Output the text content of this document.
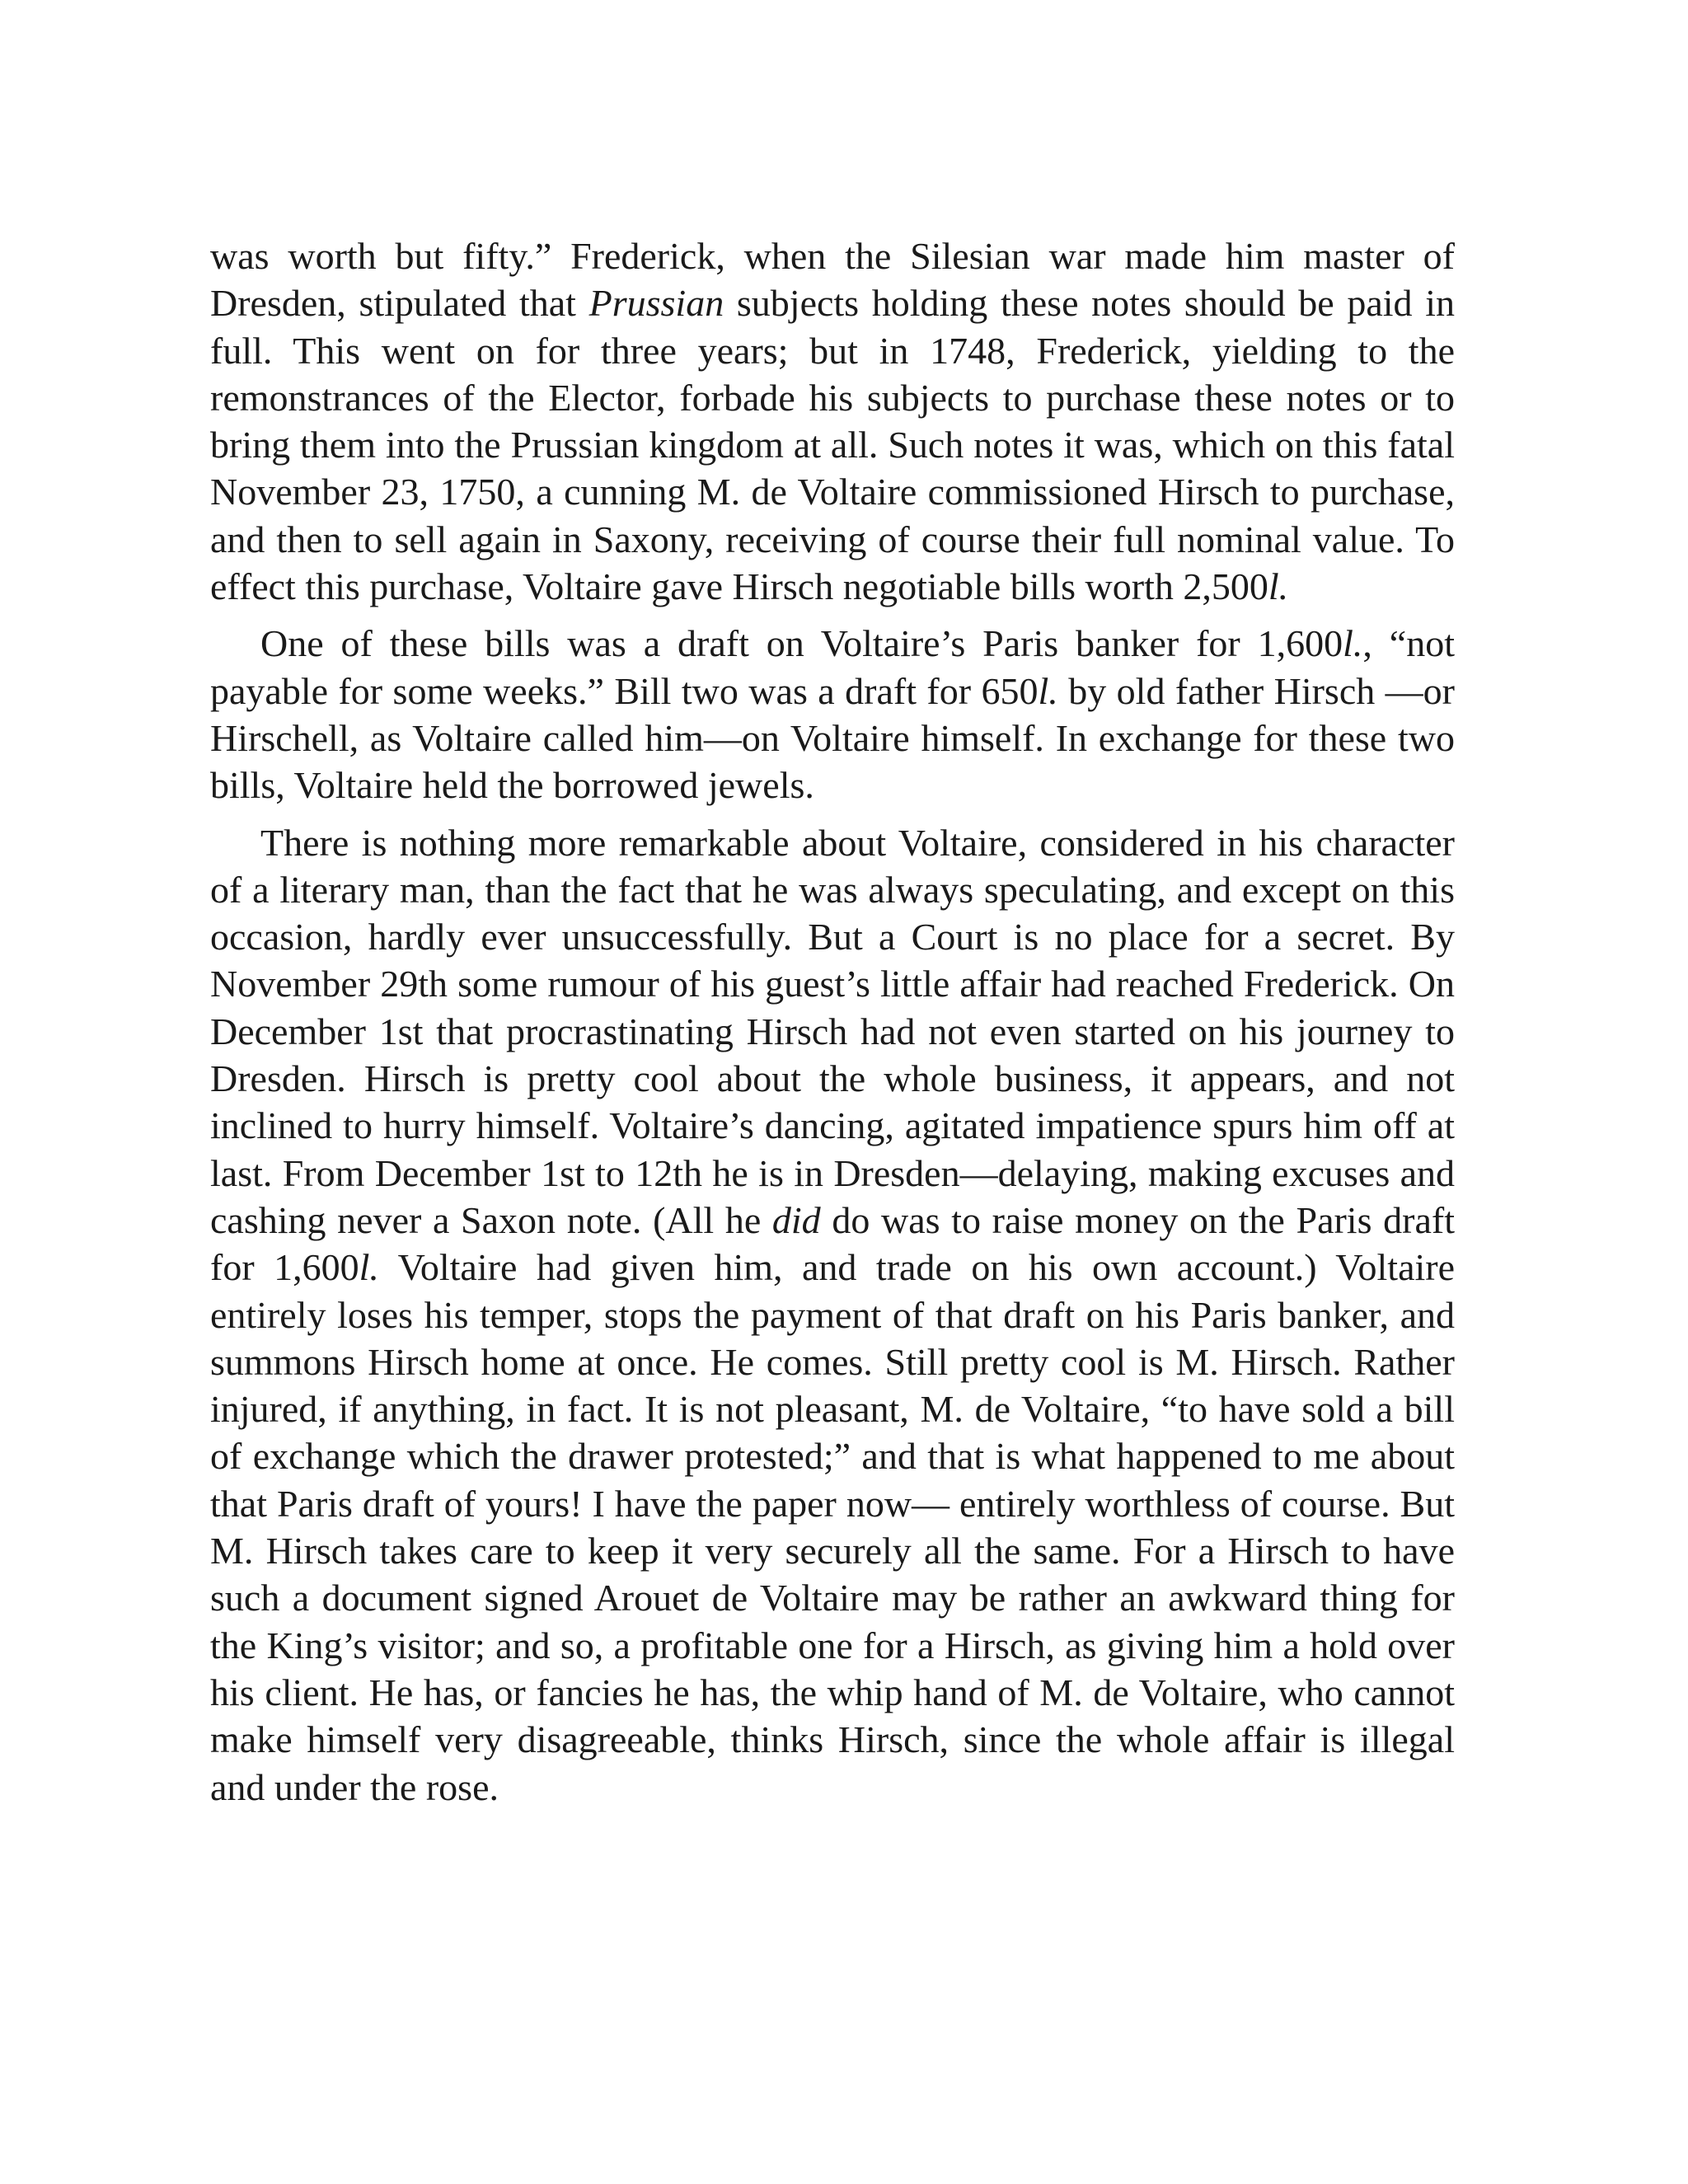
was worth but fifty.” Frederick, when the Silesian war made him master of Dresden, stipulated that Prussian subjects holding these notes should be paid in full. This went on for three years; but in 1748, Frederick, yielding to the remonstrances of the Elector, forbade his subjects to purchase these notes or to bring them into the Prussian kingdom at all. Such notes it was, which on this fatal November 23, 1750, a cunning M. de Voltaire commissioned Hirsch to purchase, and then to sell again in Saxony, receiving of course their full nominal value. To effect this purchase, Voltaire gave Hirsch negotiable bills worth 2,500l.

One of these bills was a draft on Voltaire’s Paris banker for 1,600l., “not payable for some weeks.” Bill two was a draft for 650l. by old father Hirsch —or Hirschell, as Voltaire called him—on Voltaire himself. In exchange for these two bills, Voltaire held the borrowed jewels.

There is nothing more remarkable about Voltaire, considered in his character of a literary man, than the fact that he was always speculating, and except on this occasion, hardly ever unsuccessfully. But a Court is no place for a secret. By November 29th some rumour of his guest’s little affair had reached Frederick. On December 1st that procrastinating Hirsch had not even started on his journey to Dresden. Hirsch is pretty cool about the whole business, it appears, and not inclined to hurry himself. Voltaire’s dancing, agitated impatience spurs him off at last. From December 1st to 12th he is in Dresden—delaying, making excuses and cashing never a Saxon note. (All he did do was to raise money on the Paris draft for 1,600l. Voltaire had given him, and trade on his own account.) Voltaire entirely loses his temper, stops the payment of that draft on his Paris banker, and summons Hirsch home at once. He comes. Still pretty cool is M. Hirsch. Rather injured, if anything, in fact. It is not pleasant, M. de Voltaire, “to have sold a bill of exchange which the drawer protested;” and that is what happened to me about that Paris draft of yours! I have the paper now— entirely worthless of course. But M. Hirsch takes care to keep it very securely all the same. For a Hirsch to have such a document signed Arouet de Voltaire may be rather an awkward thing for the King’s visitor; and so, a profitable one for a Hirsch, as giving him a hold over his client. He has, or fancies he has, the whip hand of M. de Voltaire, who cannot make himself very disagreeable, thinks Hirsch, since the whole affair is illegal and under the rose.
